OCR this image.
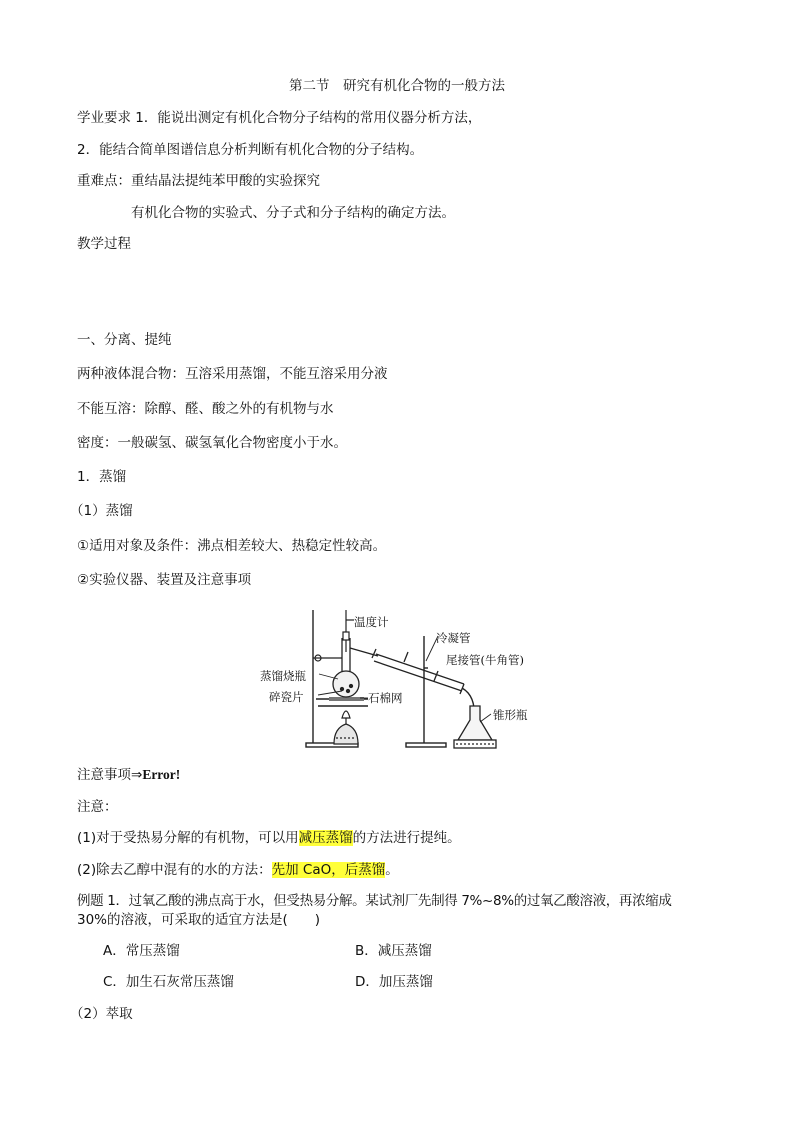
第二节　研究有机化合物的一般方法
学业要求 1．能说出测定有机化合物分子结构的常用仪器分析方法，
2．能结合简单图谱信息分析判断有机化合物的分子结构。
重难点：重结晶法提纯苯甲酸的实验探究
有机化合物的实验式、分子式和分子结构的确定方法。
教学过程
一、分离、提纯
两种液体混合物：互溶采用蒸馏，不能互溶采用分液
不能互溶：除醇、醛、酸之外的有机物与水
密度：一般碳氢、碳氢氧化合物密度小于水。
1．蒸馏
（1）蒸馏
①适用对象及条件：沸点相差较大、热稳定性较高。
②实验仪器、装置及注意事项
温度计
冷凝管
尾接管(牛角管)
蒸馏烧瓶
碎瓷片	石棉网
锥形瓶
注意事项⇒Error!
注意：
(1)对于受热易分解的有机物，可以用减压蒸馏的方法进行提纯。
(2)除去乙醇中混有的水的方法：先加 CaO，后蒸馏。
例题 1．过氧乙酸的沸点高于水，但受热易分解。某试剂厂先制得 7%~8%的过氧乙酸溶液，再浓缩成
30%的溶液，可采取的适宜方法是(　　)
A．常压蒸馏	B．减压蒸馏
C．加生石灰常压蒸馏	D．加压蒸馏
（2）萃取
